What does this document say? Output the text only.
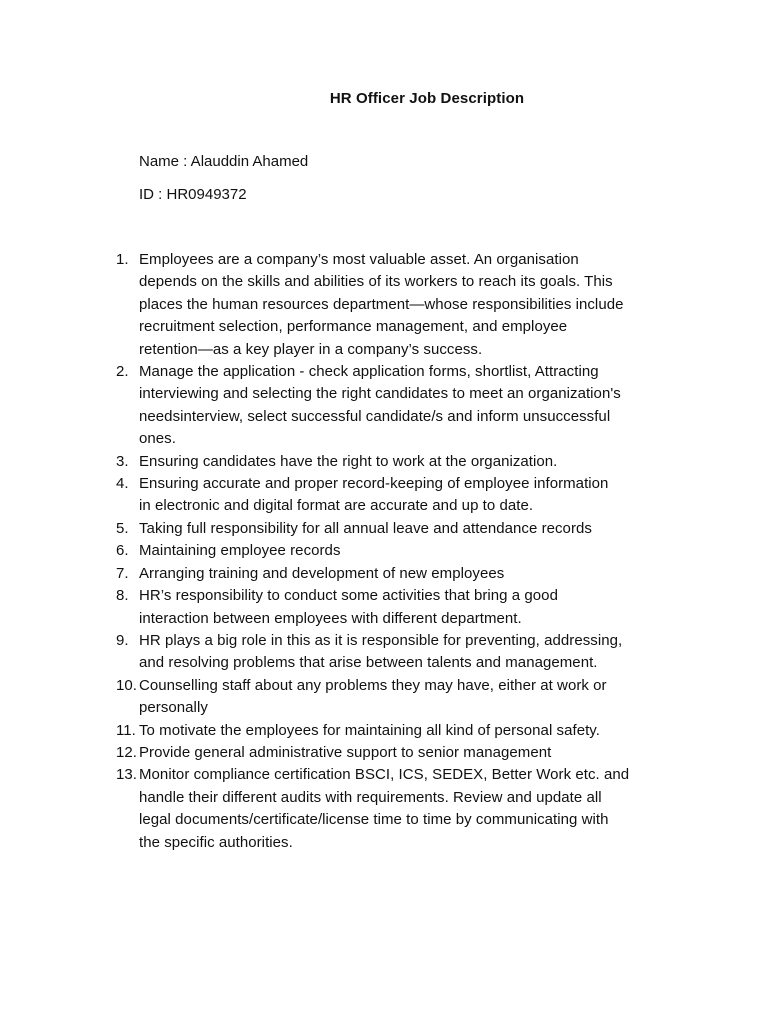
HR Officer Job Description
Name : Alauddin Ahamed
ID : HR0949372
1. Employees are a company’s most valuable asset. An organisation
depends on the skills and abilities of its workers to reach its goals. This
places the human resources department—whose responsibilities include
recruitment selection, performance management, and employee
retention—as a key player in a company’s success.
2. Manage the application - check application forms, shortlist, Attracting
interviewing and selecting the right candidates to meet an organization's
needsinterview, select successful candidate/s and inform unsuccessful
ones.
3. Ensuring candidates have the right to work at the organization.
4. Ensuring accurate and proper record-keeping of employee information
in electronic and digital format are accurate and up to date.
5. Taking full responsibility for all annual leave and attendance records
6. Maintaining employee records
7. Arranging training and development of new employees
8. HR’s responsibility to conduct some activities that bring a good
interaction between employees with different department.
9. HR plays a big role in this as it is responsible for preventing, addressing,
and resolving problems that arise between talents and management.
10. Counselling staff about any problems they may have, either at work or
personally
11. To motivate the employees for maintaining all kind of personal safety.
12. Provide general administrative support to senior management
13. Monitor compliance certification BSCI, ICS, SEDEX, Better Work etc. and
handle their different audits with requirements. Review and update all
legal documents/certificate/license time to time by communicating with
the specific authorities.
